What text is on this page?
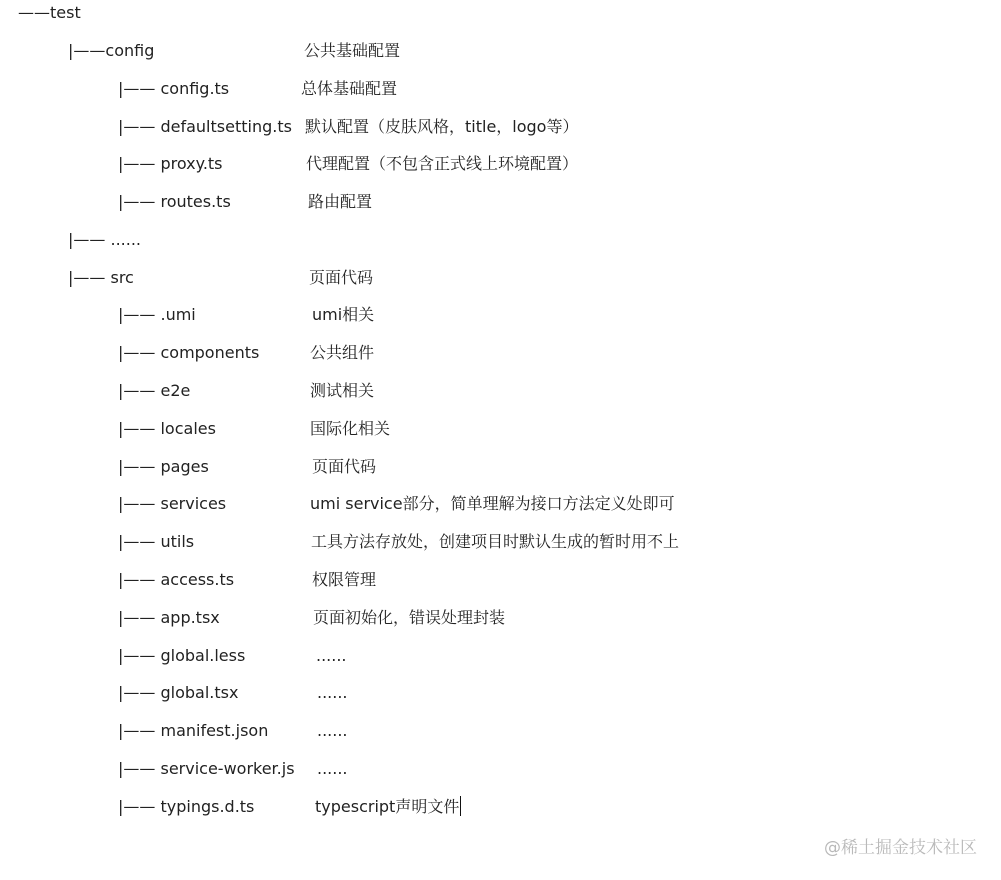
——test
|——config	公共基础配置
|—— config.ts	总体基础配置
|—— defaultsetting.ts 默认配置（皮肤风格，title，logo等）
|—— proxy.ts	代理配置（不包含正式线上环境配置）
|—— routes.ts	路由配置
|—— ......
|—— src	页面代码
|—— .umi	umi相关
|—— components	公共组件
|—— e2e	测试相关
|—— locales	国际化相关
|—— pages	页面代码
|—— services	umi service部分，简单理解为接口方法定义处即可
|—— utils	工具方法存放处，创建项目时默认生成的暂时用不上
|—— access.ts	权限管理
|—— app.tsx	页面初始化，错误处理封装
|—— global.less	......
|—— global.tsx	......
|—— manifest.json	......
|—— service-worker.js ......
|—— typings.d.ts	typescript声明文件
@稀土掘金技术社区
